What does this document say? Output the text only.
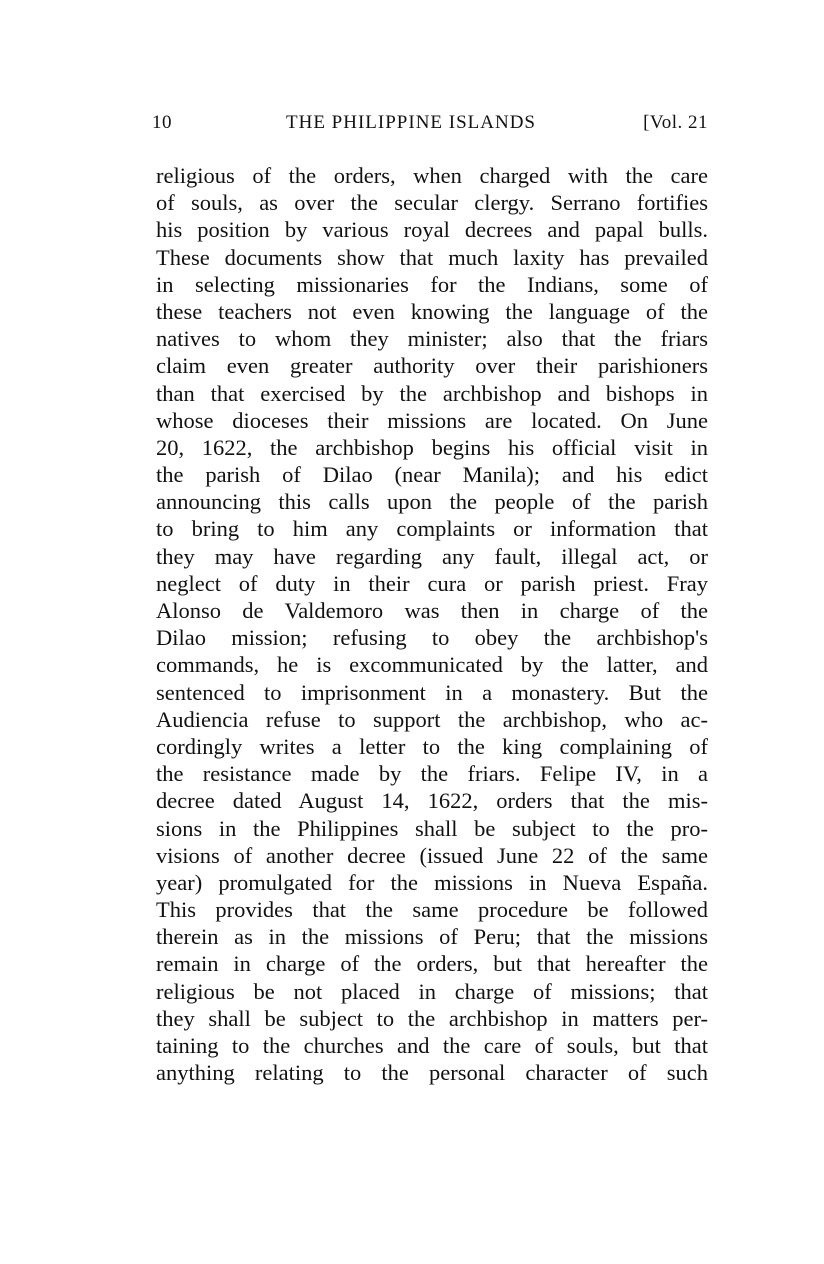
10	THE PHILIPPINE ISLANDS	[Vol. 21
religious of the orders, when charged with the care
of souls, as over the secular clergy. Serrano fortifies
his position by various royal decrees and papal bulls.
These documents show that much laxity has prevailed
in selecting missionaries for the Indians, some of
these teachers not even knowing the language of the
natives to whom they minister; also that the friars
claim even greater authority over their parishioners
than that exercised by the archbishop and bishops in
whose dioceses their missions are located. On June
20, 1622, the archbishop begins his official visit in
the parish of Dilao (near Manila); and his edict
announcing this calls upon the people of the parish
to bring to him any complaints or information that
they may have regarding any fault, illegal act, or
neglect of duty in their cura or parish priest. Fray
Alonso de Valdemoro was then in charge of the
Dilao mission; refusing to obey the archbishop's
commands, he is excommunicated by the latter, and
sentenced to imprisonment in a monastery. But the
Audiencia refuse to support the archbishop, who ac-
cordingly writes a letter to the king complaining of
the resistance made by the friars. Felipe IV, in a
decree dated August 14, 1622, orders that the mis-
sions in the Philippines shall be subject to the pro-
visions of another decree (issued June 22 of the same
year) promulgated for the missions in Nueva España.
This provides that the same procedure be followed
therein as in the missions of Peru; that the missions
remain in charge of the orders, but that hereafter the
religious be not placed in charge of missions; that
they shall be subject to the archbishop in matters per-
taining to the churches and the care of souls, but that
anything relating to the personal character of such
